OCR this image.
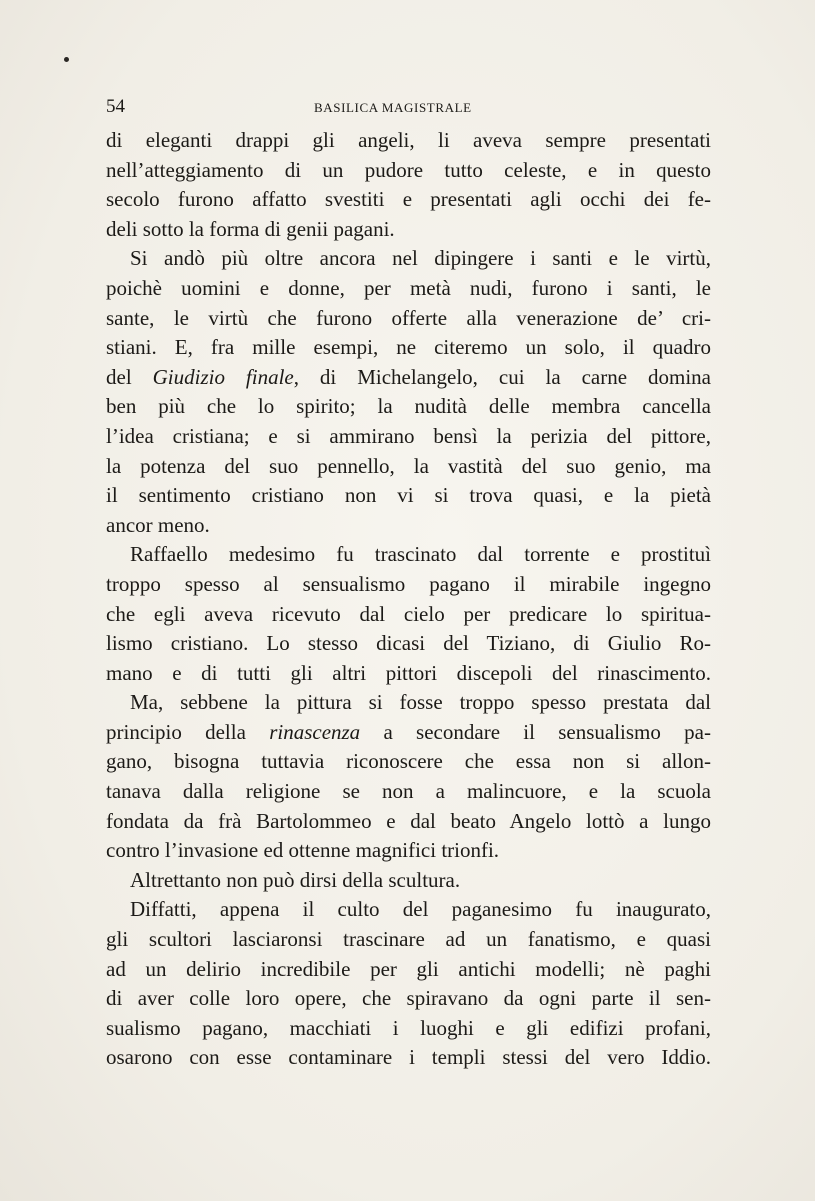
54	BASILICA MAGISTRALE
di eleganti drappi gli angeli, li aveva sempre presentati
nell’atteggiamento di un pudore tutto celeste, e in questo
secolo furono affatto svestiti e presentati agli occhi dei fe-
deli sotto la forma di genii pagani.
Si andò più oltre ancora nel dipingere i santi e le virtù,
poichè uomini e donne, per metà nudi, furono i santi, le
sante, le virtù che furono offerte alla venerazione de’ cri-
stiani. E, fra mille esempi, ne citeremo un solo, il quadro
del Giudizio finale, di Michelangelo, cui la carne domina
ben più che lo spirito; la nudità delle membra cancella
l’idea cristiana; e si ammirano bensì la perizia del pittore,
la potenza del suo pennello, la vastità del suo genio, ma
il sentimento cristiano non vi si trova quasi, e la pietà
ancor meno.
Raffaello medesimo fu trascinato dal torrente e prostituì
troppo spesso al sensualismo pagano il mirabile ingegno
che egli aveva ricevuto dal cielo per predicare lo spiritua-
lismo cristiano. Lo stesso dicasi del Tiziano, di Giulio Ro-
mano e di tutti gli altri pittori discepoli del rinascimento.
Ma, sebbene la pittura si fosse troppo spesso prestata dal
principio della rinascenza a secondare il sensualismo pa-
gano, bisogna tuttavia riconoscere che essa non si allon-
tanava dalla religione se non a malincuore, e la scuola
fondata da frà Bartolommeo e dal beato Angelo lottò a lungo
contro l’invasione ed ottenne magnifici trionfi.
Altrettanto non può dirsi della scultura.
Diffatti, appena il culto del paganesimo fu inaugurato,
gli scultori lasciaronsi trascinare ad un fanatismo, e quasi
ad un delirio incredibile per gli antichi modelli; nè paghi
di aver colle loro opere, che spiravano da ogni parte il sen-
sualismo pagano, macchiati i luoghi e gli edifizi profani,
osarono con esse contaminare i templi stessi del vero Iddio.
